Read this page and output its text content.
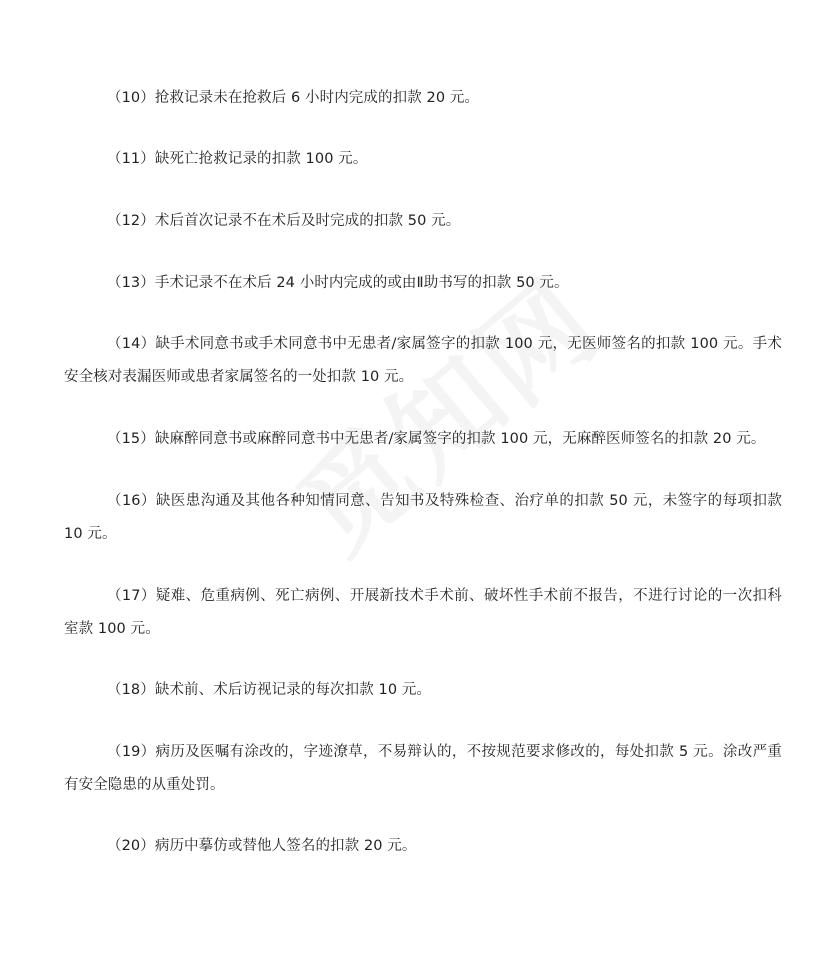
（10）抢救记录未在抢救后 6 小时内完成的扣款 20 元。

（11）缺死亡抢救记录的扣款 100 元。

（12）术后首次记录不在术后及时完成的扣款 50 元。

（13）手术记录不在术后 24 小时内完成的或由Ⅱ助书写的扣款 50 元。

（14）缺手术同意书或手术同意书中无患者/家属签字的扣款 100 元，无医师签名的扣款 100 元。手术安全核对表漏医师或患者家属签名的一处扣款 10 元。

（15）缺麻醉同意书或麻醉同意书中无患者/家属签字的扣款 100 元，无麻醉医师签名的扣款 20 元。

（16）缺医患沟通及其他各种知情同意、告知书及特殊检查、治疗单的扣款 50 元，未签字的每项扣款 10 元。

（17）疑难、危重病例、死亡病例、开展新技术手术前、破坏性手术前不报告，不进行讨论的一次扣科室款 100 元。

（18）缺术前、术后访视记录的每次扣款 10 元。

（19）病历及医嘱有涂改的，字迹潦草，不易辩认的，不按规范要求修改的，每处扣款 5 元。涂改严重有安全隐患的从重处罚。

（20）病历中摹仿或替他人签名的扣款 20 元。
